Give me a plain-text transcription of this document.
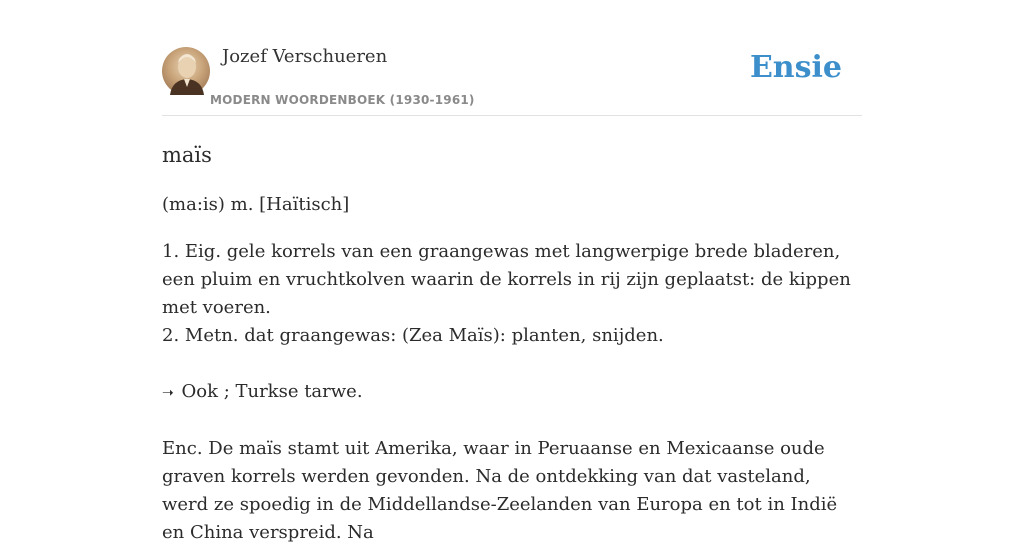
Jozef Verschueren
MODERN WOORDENBOEK (1930-1961)
Ensie
maïs
(ma:is) m. [Haïtisch]

1. Eig. gele korrels van een graangewas met langwerpige brede bladeren, een pluim en vruchtkolven waarin de korrels in rij zijn geplaatst: de kippen met voeren.

2. Metn. dat graangewas: (Zea Maïs): planten, snijden.

➝ Ook ; Turkse tarwe.

Enc. De maïs stamt uit Amerika, waar in Peruaanse en Mexicaanse oude graven korrels werden gevonden. Na de ontdekking van dat vasteland, werd ze spoedig in de Middellandse-Zeelanden van Europa en tot in Indië en China verspreid. Na
